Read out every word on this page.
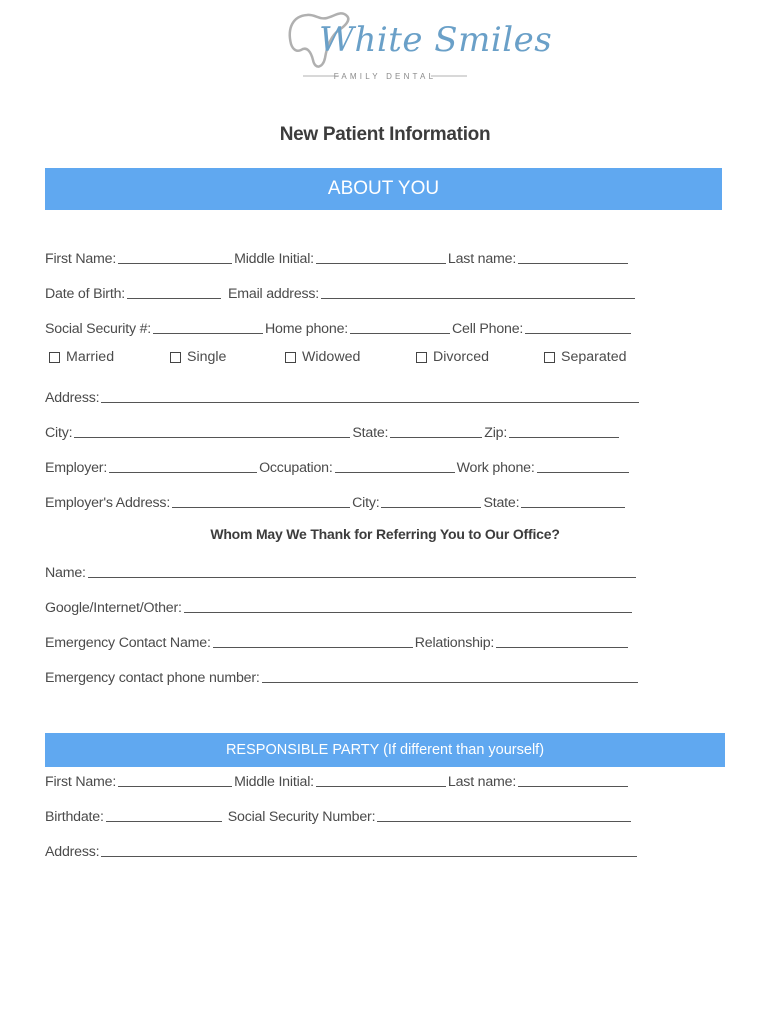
White Smiles
FAMILY DENTAL
New Patient Information
ABOUT YOU
First Name:	Middle Initial:	Last name:
Date of Birth:	Email address:
Social Security #:	Home phone:	Cell Phone:
Married	Single	Widowed	Divorced	Separated
Address:
City:	State:	Zip:
Employer:	Occupation:	Work phone:
Employer's Address:	City:	State:
Whom May We Thank for Referring You to Our Office?
Name:
Google/Internet/Other:
Emergency Contact Name:	Relationship:
Emergency contact phone number:
RESPONSIBLE PARTY (If different than yourself)
First Name:	Middle Initial:	Last name:
Birthdate:	Social Security Number:
Address:
